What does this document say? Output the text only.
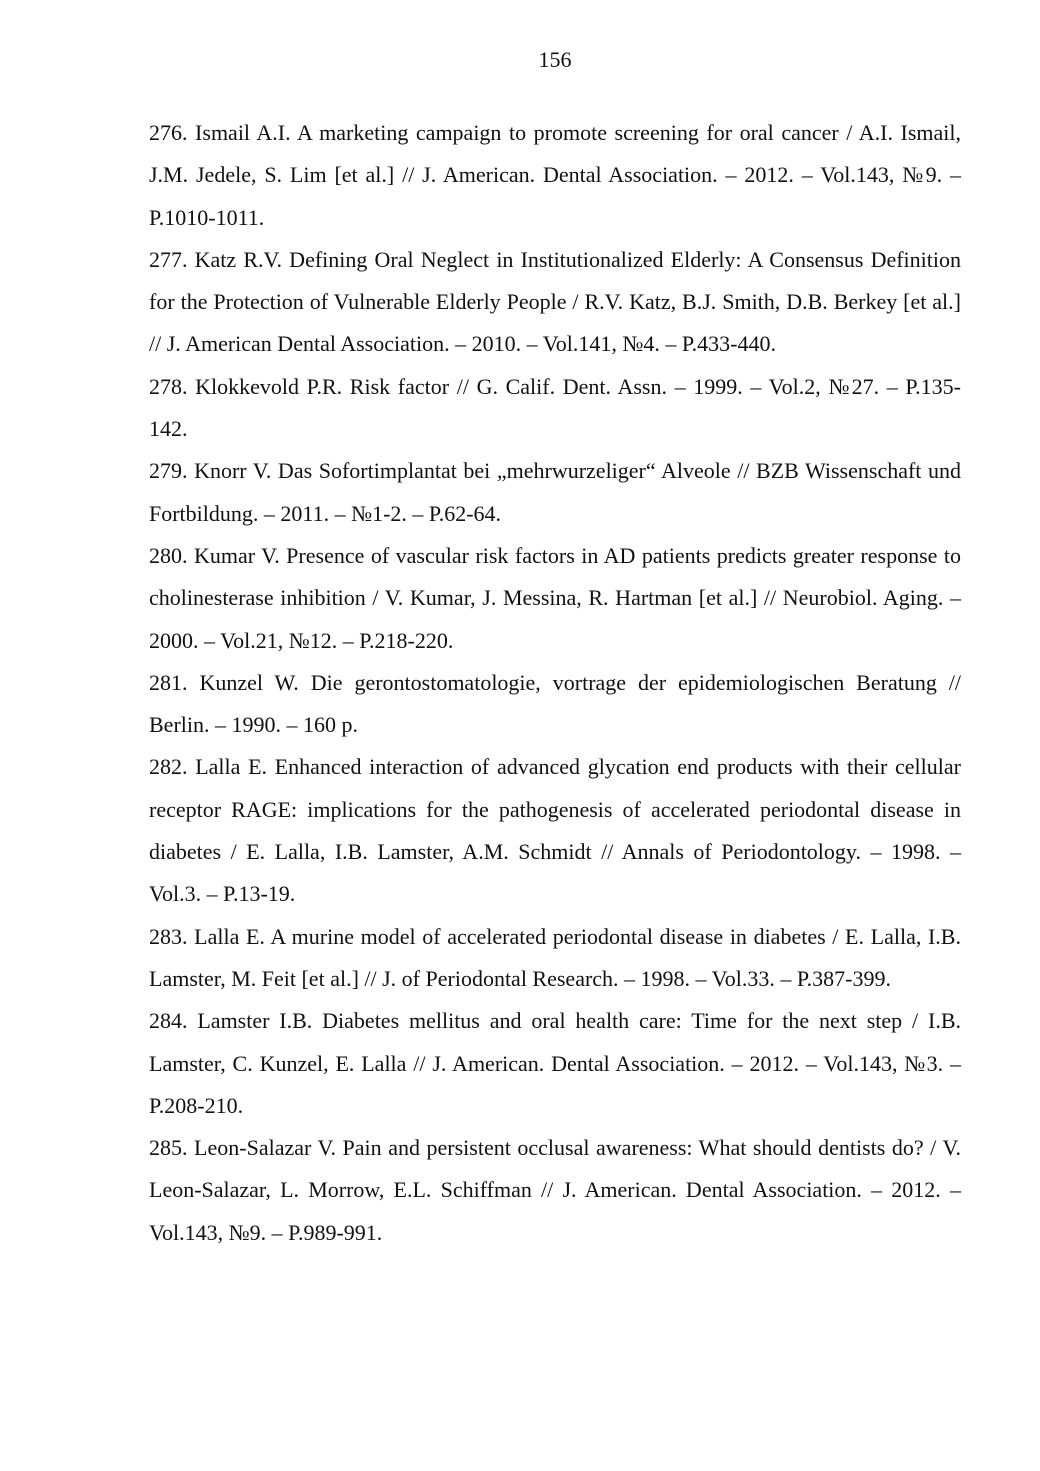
156

276. Ismail A.I. A marketing campaign to promote screening for oral cancer / A.I. Ismail, J.M. Jedele, S. Lim [et al.] // J. American. Dental Association. – 2012. – Vol.143, №9. – P.1010-1011.

277. Katz R.V. Defining Oral Neglect in Institutionalized Elderly: A Consensus Definition for the Protection of Vulnerable Elderly People / R.V. Katz, B.J. Smith, D.B. Berkey [et al.] // J. American Dental Association. – 2010. – Vol.141, №4. – P.433-440.

278. Klokkevold P.R. Risk factor // G. Calif. Dent. Assn. – 1999. – Vol.2, №27. – P.135-142.

279. Knorr V. Das Sofortimplantat bei „mehrwurzeliger“ Alveole // BZB Wissenschaft und Fortbildung. – 2011. – №1-2. – P.62-64.

280. Kumar V. Presence of vascular risk factors in AD patients predicts greater response to cholinesterase inhibition / V. Kumar, J. Messina, R. Hartman [et al.] // Neurobiol. Aging. – 2000. – Vol.21, №12. – P.218-220.

281. Kunzel W. Die gerontostomatologie, vortrage der epidemiologischen Beratung // Berlin. – 1990. – 160 p.

282. Lalla E. Enhanced interaction of advanced glycation end products with their cellular receptor RAGE: implications for the pathogenesis of accelerated periodontal disease in diabetes / E. Lalla, I.B. Lamster, A.M. Schmidt // Annals of Periodontology. – 1998. – Vol.3. – P.13-19.

283. Lalla E. A murine model of accelerated periodontal disease in diabetes / E. Lalla, I.B. Lamster, M. Feit [et al.] // J. of Periodontal Research. – 1998. – Vol.33. – P.387-399.

284. Lamster I.B. Diabetes mellitus and oral health care: Time for the next step / I.B. Lamster, C. Kunzel, E. Lalla // J. American. Dental Association. – 2012. – Vol.143, №3. – P.208-210.

285. Leon-Salazar V. Pain and persistent occlusal awareness: What should dentists do? / V. Leon-Salazar, L. Morrow, E.L. Schiffman // J. American. Dental Association. – 2012. – Vol.143, №9. – P.989-991.
